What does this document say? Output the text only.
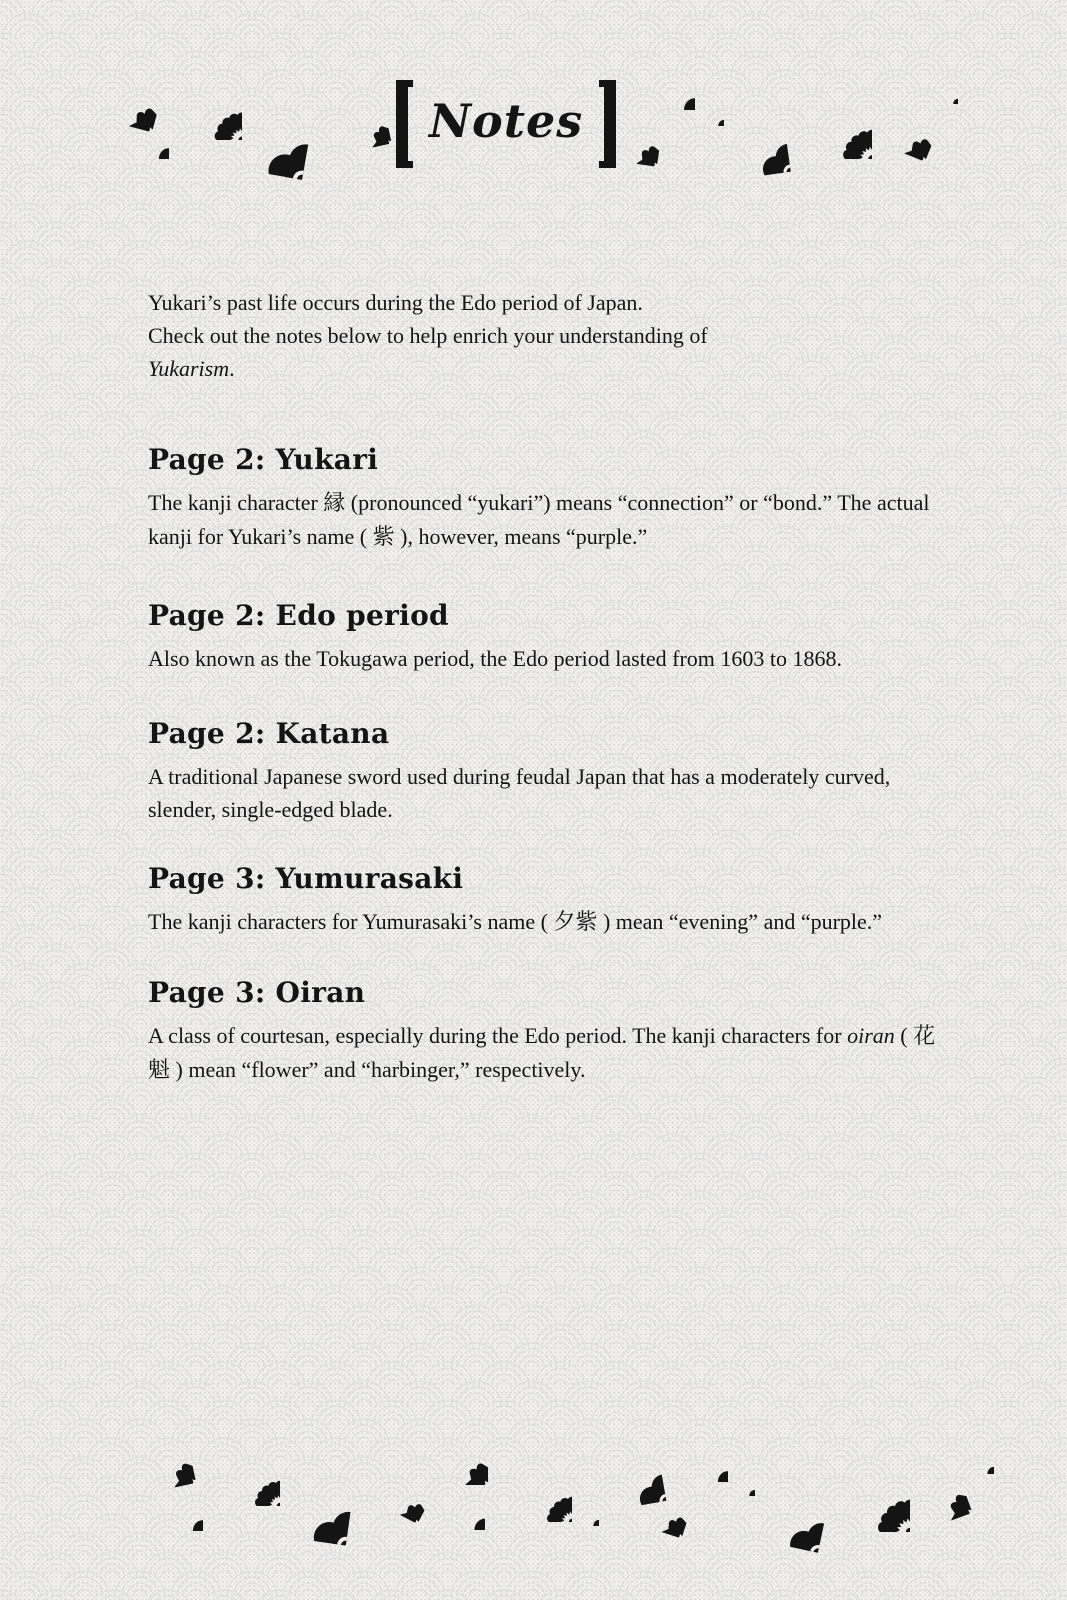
Notes

Yukari’s past life occurs during the Edo period of Japan.
Check out the notes below to help enrich your understanding of
Yukarism.

Page 2: Yukari

The kanji character 縁 (pronounced “yukari”) means “connection” or “bond.” The actual kanji for Yukari’s name ( 紫 ), however, means “purple.”

Page 2: Edo period

Also known as the Tokugawa period, the Edo period lasted from 1603 to 1868.

Page 2: Katana

A traditional Japanese sword used during feudal Japan that has a moderately curved, slender, single-edged blade.

Page 3: Yumurasaki

The kanji characters for Yumurasaki’s name ( 夕紫 ) mean “evening” and “purple.”

Page 3: Oiran

A class of courtesan, especially during the Edo period. The kanji characters for oiran ( 花魁 ) mean “flower” and “harbinger,” respectively.
